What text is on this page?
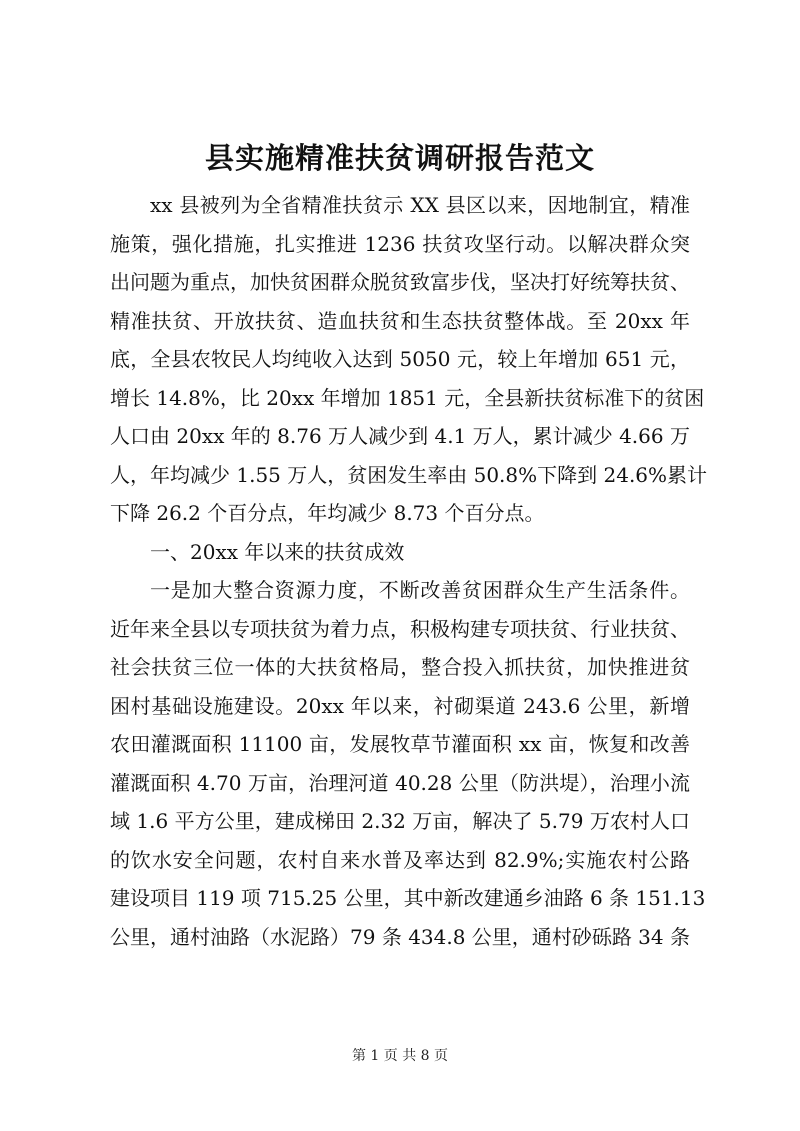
县实施精准扶贫调研报告范文
xx 县被列为全省精准扶贫示 XX 县区以来，因地制宜，精准
施策，强化措施，扎实推进 1236 扶贫攻坚行动。以解决群众突
出问题为重点，加快贫困群众脱贫致富步伐，坚决打好统筹扶贫、
精准扶贫、开放扶贫、造血扶贫和生态扶贫整体战。至 20xx 年
底，全县农牧民人均纯收入达到 5050 元，较上年增加 651 元，
增长 14.8%，比 20xx 年增加 1851 元，全县新扶贫标准下的贫困
人口由 20xx 年的 8.76 万人减少到 4.1 万人，累计减少 4.66 万
人，年均减少 1.55 万人，贫困发生率由 50.8%下降到 24.6%累计
下降 26.2 个百分点，年均减少 8.73 个百分点。
一、20xx 年以来的扶贫成效
一是加大整合资源力度，不断改善贫困群众生产生活条件。
近年来全县以专项扶贫为着力点，积极构建专项扶贫、行业扶贫、
社会扶贫三位一体的大扶贫格局，整合投入抓扶贫，加快推进贫
困村基础设施建设。20xx 年以来，衬砌渠道 243.6 公里，新增
农田灌溉面积 11100 亩，发展牧草节灌面积 xx 亩，恢复和改善
灌溉面积 4.70 万亩，治理河道 40.28 公里（防洪堤），治理小流
域 1.6 平方公里，建成梯田 2.32 万亩，解决了 5.79 万农村人口
的饮水安全问题，农村自来水普及率达到 82.9%;实施农村公路
建设项目 119 项 715.25 公里，其中新改建通乡油路 6 条 151.13
公里，通村油路（水泥路）79 条 434.8 公里，通村砂砾路 34 条
第 1 页 共 8 页
